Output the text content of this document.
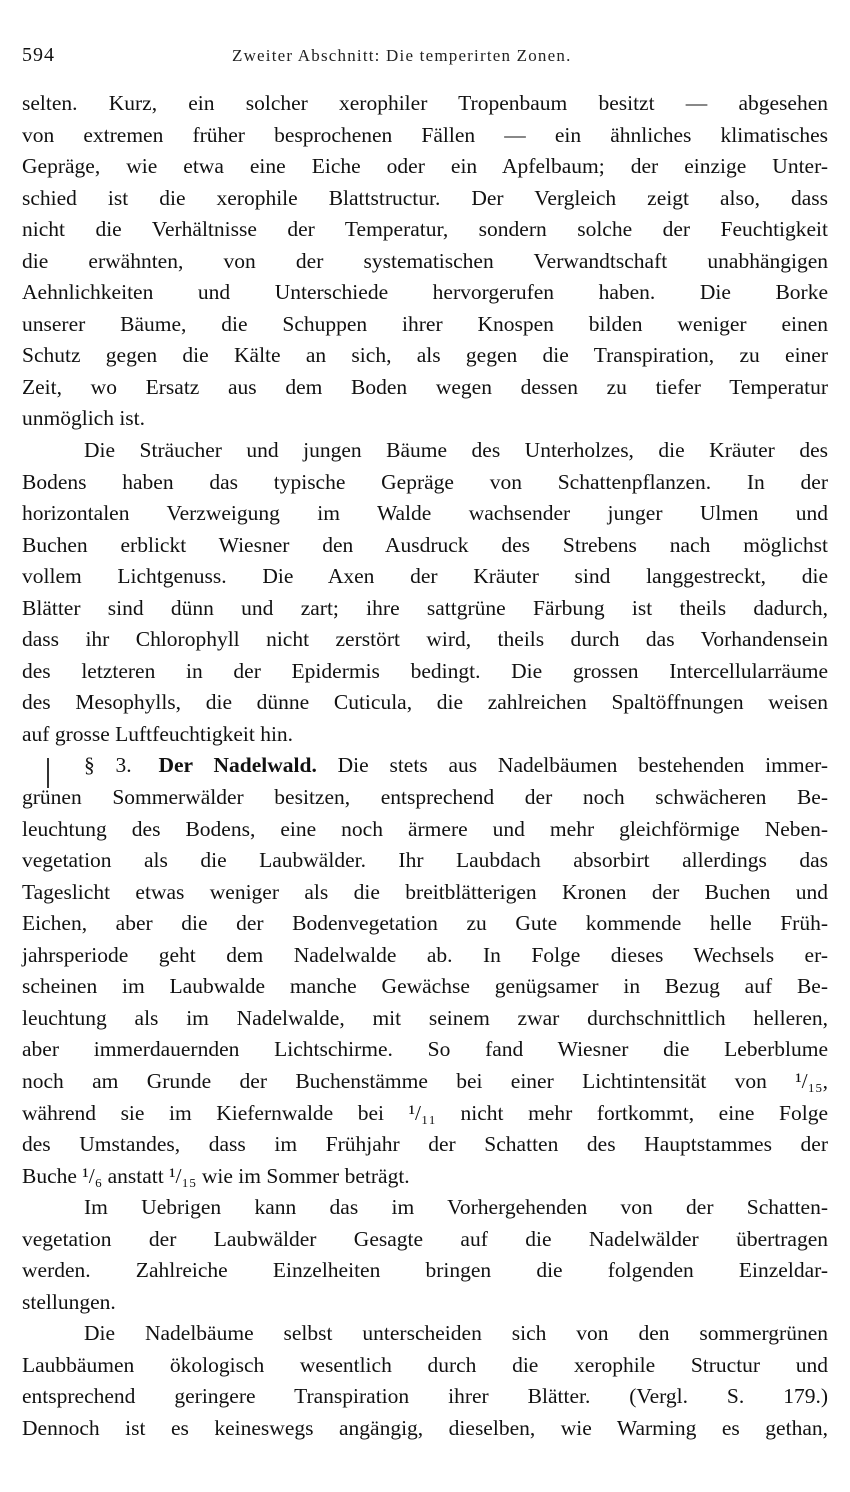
594	Zweiter Abschnitt: Die temperirten Zonen.
selten. Kurz, ein solcher xerophiler Tropenbaum besitzt — abgesehen
von extremen früher besprochenen Fällen — ein ähnliches klimatisches
Gepräge, wie etwa eine Eiche oder ein Apfelbaum; der einzige Unter-
schied ist die xerophile Blattstructur. Der Vergleich zeigt also, dass
nicht die Verhältnisse der Temperatur, sondern solche der Feuchtigkeit
die erwähnten, von der systematischen Verwandtschaft unabhängigen
Aehnlichkeiten und Unterschiede hervorgerufen haben. Die Borke
unserer Bäume, die Schuppen ihrer Knospen bilden weniger einen
Schutz gegen die Kälte an sich, als gegen die Transpiration, zu einer
Zeit, wo Ersatz aus dem Boden wegen dessen zu tiefer Temperatur
unmöglich ist.
Die Sträucher und jungen Bäume des Unterholzes, die Kräuter des
Bodens haben das typische Gepräge von Schattenpflanzen. In der
horizontalen Verzweigung im Walde wachsender junger Ulmen und
Buchen erblickt Wiesner den Ausdruck des Strebens nach möglichst
vollem Lichtgenuss. Die Axen der Kräuter sind langgestreckt, die
Blätter sind dünn und zart; ihre sattgrüne Färbung ist theils dadurch,
dass ihr Chlorophyll nicht zerstört wird, theils durch das Vorhandensein
des letzteren in der Epidermis bedingt. Die grossen Intercellularräume
des Mesophylls, die dünne Cuticula, die zahlreichen Spaltöffnungen weisen
auf grosse Luftfeuchtigkeit hin.
§ 3. Der Nadelwald. Die stets aus Nadelbäumen bestehenden immer-
grünen Sommerwälder besitzen, entsprechend der noch schwächeren Be-
leuchtung des Bodens, eine noch ärmere und mehr gleichförmige Neben-
vegetation als die Laubwälder. Ihr Laubdach absorbirt allerdings das
Tageslicht etwas weniger als die breitblätterigen Kronen der Buchen und
Eichen, aber die der Bodenvegetation zu Gute kommende helle Früh-
jahrsperiode geht dem Nadelwalde ab. In Folge dieses Wechsels er-
scheinen im Laubwalde manche Gewächse genügsamer in Bezug auf Be-
leuchtung als im Nadelwalde, mit seinem zwar durchschnittlich helleren,
aber immerdauernden Lichtschirme. So fand Wiesner die Leberblume
noch am Grunde der Buchenstämme bei einer Lichtintensität von ¹/₁₅,
während sie im Kiefernwalde bei ¹/₁₁ nicht mehr fortkommt, eine Folge
des Umstandes, dass im Frühjahr der Schatten des Hauptstammes der
Buche ¹/₆ anstatt ¹/₁₅ wie im Sommer beträgt.
Im Uebrigen kann das im Vorhergehenden von der Schatten-
vegetation der Laubwälder Gesagte auf die Nadelwälder übertragen
werden. Zahlreiche Einzelheiten bringen die folgenden Einzeldar-
stellungen.
Die Nadelbäume selbst unterscheiden sich von den sommergrünen
Laubbäumen ökologisch wesentlich durch die xerophile Structur und
entsprechend geringere Transpiration ihrer Blätter. (Vergl. S. 179.)
Dennoch ist es keineswegs angängig, dieselben, wie Warming es gethan,
